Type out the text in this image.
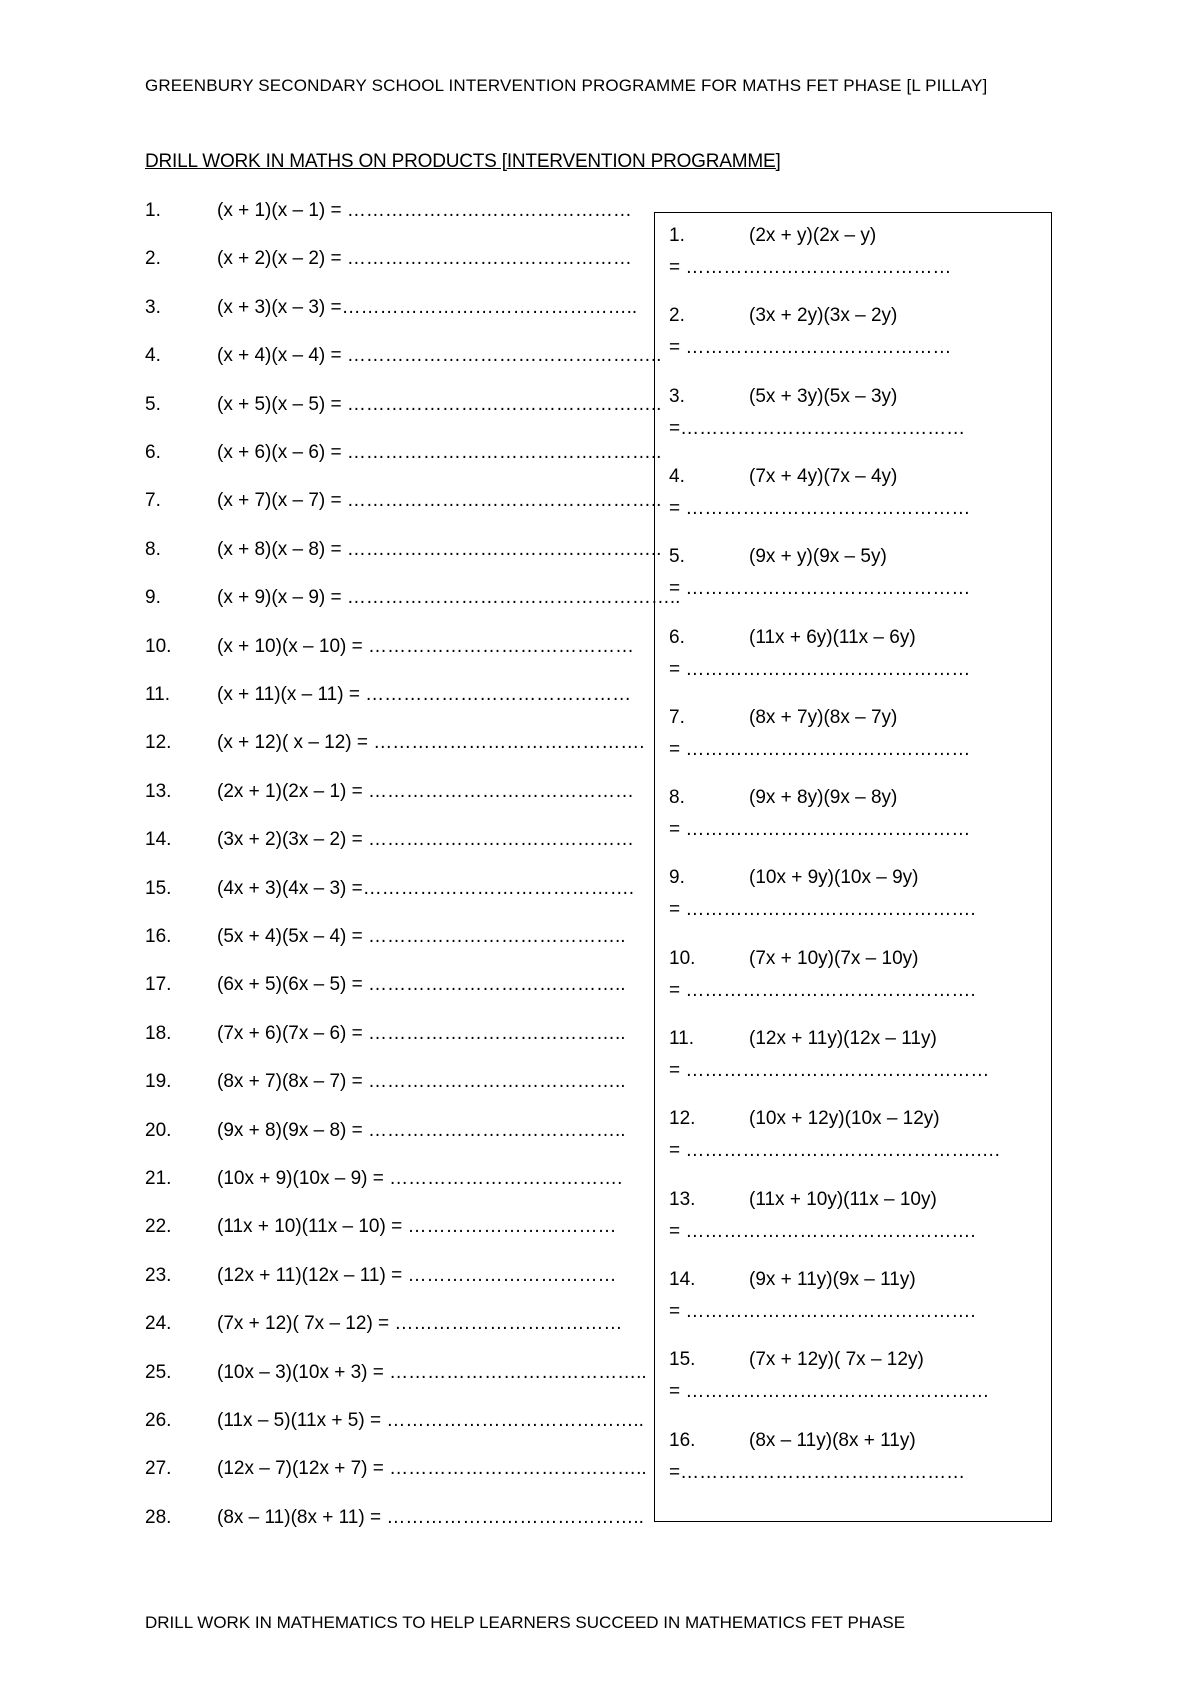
GREENBURY SECONDARY SCHOOL INTERVENTION PROGRAMME FOR MATHS FET PHASE [L PILLAY]
DRILL WORK IN MATHS ON PRODUCTS [INTERVENTION PROGRAMME]
1.	(x + 1)(x – 1) = ………………………………………
2.	(x + 2)(x – 2) = ………………………………………
3.	(x + 3)(x – 3) =………………………………………..
4.	(x + 4)(x – 4) = …………………………………………..
5.	(x + 5)(x – 5) = …………………………………………..
6.	(x + 6)(x – 6) = …………………………………………..
7.	(x + 7)(x – 7) = …………………………………………..
8.	(x + 8)(x – 8) = …………………………………………..
9.	(x + 9)(x – 9) = ……………………………………………..
10.	(x + 10)(x – 10) = ……………………………………
11.	(x + 11)(x – 11) = ……………………………………
12.	(x + 12)( x – 12) = …………………………………….
13.	(2x + 1)(2x – 1) = ……………………………………
14.	(3x + 2)(3x – 2) = ……………………………………
15.	(4x + 3)(4x – 3) =…………………………………….
16.	(5x + 4)(5x – 4) = …………………………………..
17.	(6x + 5)(6x – 5) = …………………………………..
18.	(7x + 6)(7x – 6) = …………………………………..
19.	(8x + 7)(8x – 7) = …………………………………..
20.	(9x + 8)(9x – 8) = …………………………………..
21.	(10x + 9)(10x – 9) = ……………………………….
22.	(11x + 10)(11x – 10) = ……………………………
23.	(12x + 11)(12x – 11) = ……………………………
24.	(7x + 12)( 7x – 12) = ………………………………
25.	(10x – 3)(10x + 3) = …………………………………..
26.	(11x – 5)(11x + 5) = …………………………………..
27.	(12x – 7)(12x + 7) = …………………………………..
28.	(8x – 11)(8x + 11) = …………………………………..
1.	(2x + y)(2x – y)
= ……………………………………
2.	(3x + 2y)(3x – 2y)
= ……………………………………
3.	(5x + 3y)(5x – 3y)
=………………………………………
4.	(7x + 4y)(7x – 4y)
= ………………………………………
5.	(9x + y)(9x – 5y)
= ………………………………………
6.	(11x + 6y)(11x – 6y)
= ………………………………………
7.	(8x + 7y)(8x – 7y)
= ………………………………………
8.	(9x + 8y)(9x – 8y)
= ………………………………………
9.	(10x + 9y)(10x – 9y)
= ……………………………………….
10.	(7x + 10y)(7x – 10y)
= ……………………………………….
11.	(12x + 11y)(12x – 11y)
= …………………………………………
12.	(10x + 12y)(10x – 12y)
= ……………………………………….….
13.	(11x + 10y)(11x – 10y)
= ……………………………………….
14.	(9x + 11y)(9x – 11y)
= ……………………………………….
15.	(7x + 12y)( 7x – 12y)
= …………………………………………
16.	(8x – 11y)(8x + 11y)
=………………………………………
DRILL WORK IN MATHEMATICS TO HELP LEARNERS SUCCEED IN MATHEMATICS FET PHASE
